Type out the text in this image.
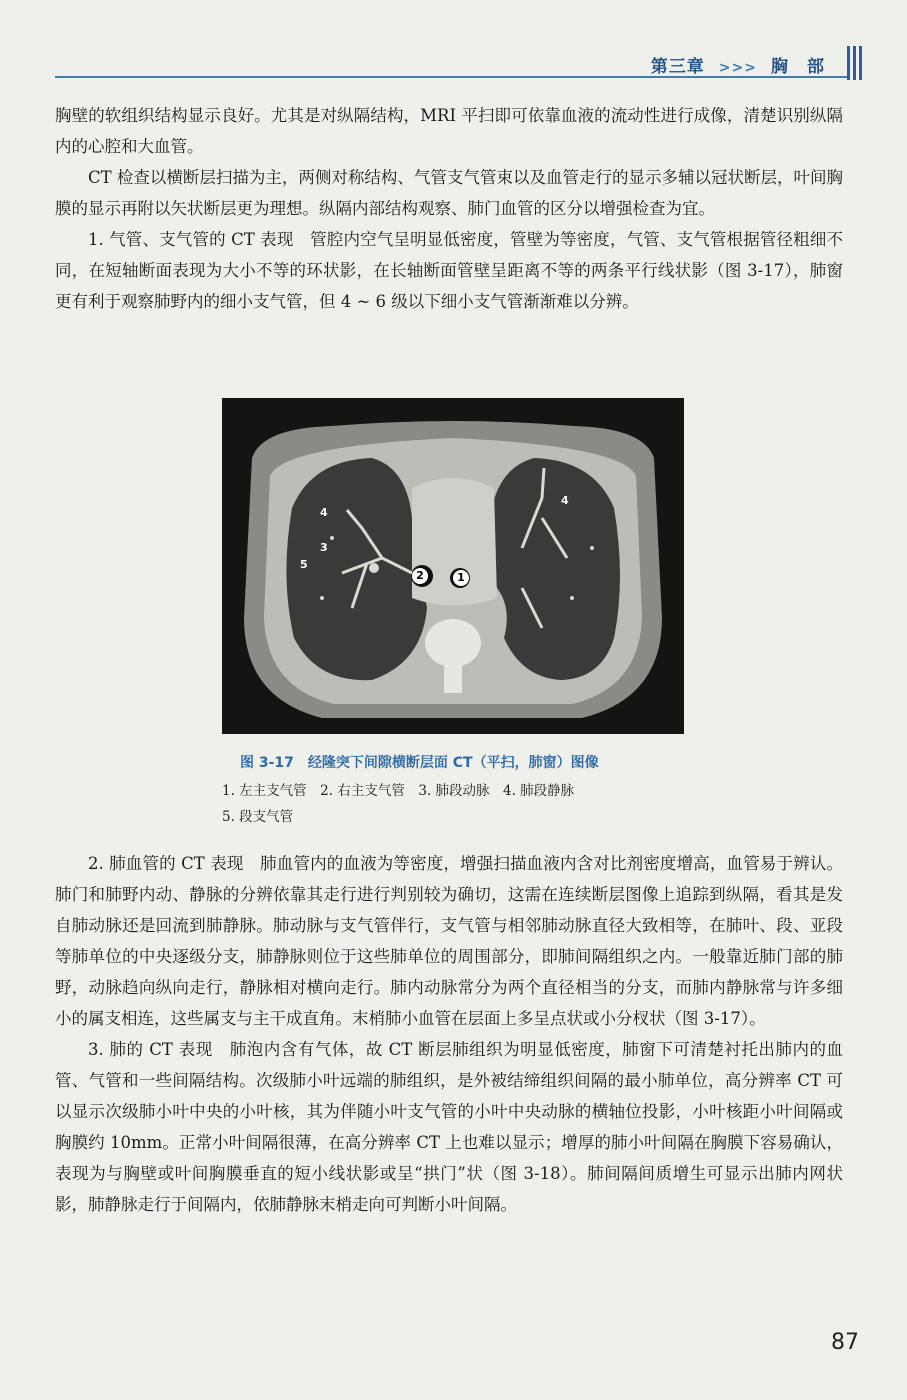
第三章 >>> 胸　部

胸壁的软组织结构显示良好。尤其是对纵隔结构，MRI 平扫即可依靠血液的流动性进行成像，清楚识别纵隔内的心腔和大血管。

CT 检查以横断层扫描为主，两侧对称结构、气管支气管束以及血管走行的显示多辅以冠状断层，叶间胸膜的显示再附以矢状断层更为理想。纵隔内部结构观察、肺门血管的区分以增强检查为宜。

1. 气管、支气管的 CT 表现　管腔内空气呈明显低密度，管壁为等密度，气管、支气管根据管径粗细不同，在短轴断面表现为大小不等的环状影，在长轴断面管壁呈距离不等的两条平行线状影（图 3-17），肺窗更有利于观察肺野内的细小支气管，但 4 ~ 6 级以下细小支气管渐渐难以分辨。

1
2
3
4
4
5
图 3-17　经隆突下间隙横断层面 CT（平扫，肺窗）图像
1. 左主支气管　2. 右主支气管　3. 肺段动脉　4. 肺段静脉
5. 段支气管

2. 肺血管的 CT 表现　肺血管内的血液为等密度，增强扫描血液内含对比剂密度增高，血管易于辨认。肺门和肺野内动、静脉的分辨依靠其走行进行判别较为确切，这需在连续断层图像上追踪到纵隔，看其是发自肺动脉还是回流到肺静脉。肺动脉与支气管伴行，支气管与相邻肺动脉直径大致相等，在肺叶、段、亚段等肺单位的中央逐级分支，肺静脉则位于这些肺单位的周围部分，即肺间隔组织之内。一般靠近肺门部的肺野，动脉趋向纵向走行，静脉相对横向走行。肺内动脉常分为两个直径相当的分支，而肺内静脉常与许多细小的属支相连，这些属支与主干成直角。末梢肺小血管在层面上多呈点状或小分杈状（图 3-17）。

3. 肺的 CT 表现　肺泡内含有气体，故 CT 断层肺组织为明显低密度，肺窗下可清楚衬托出肺内的血管、气管和一些间隔结构。次级肺小叶远端的肺组织，是外被结缔组织间隔的最小肺单位，高分辨率 CT 可以显示次级肺小叶中央的小叶核，其为伴随小叶支气管的小叶中央动脉的横轴位投影，小叶核距小叶间隔或胸膜约 10mm。正常小叶间隔很薄，在高分辨率 CT 上也难以显示；增厚的肺小叶间隔在胸膜下容易确认，表现为与胸壁或叶间胸膜垂直的短小线状影或呈“拱门”状（图 3-18）。肺间隔间质增生可显示出肺内网状影，肺静脉走行于间隔内，依肺静脉末梢走向可判断小叶间隔。

87
